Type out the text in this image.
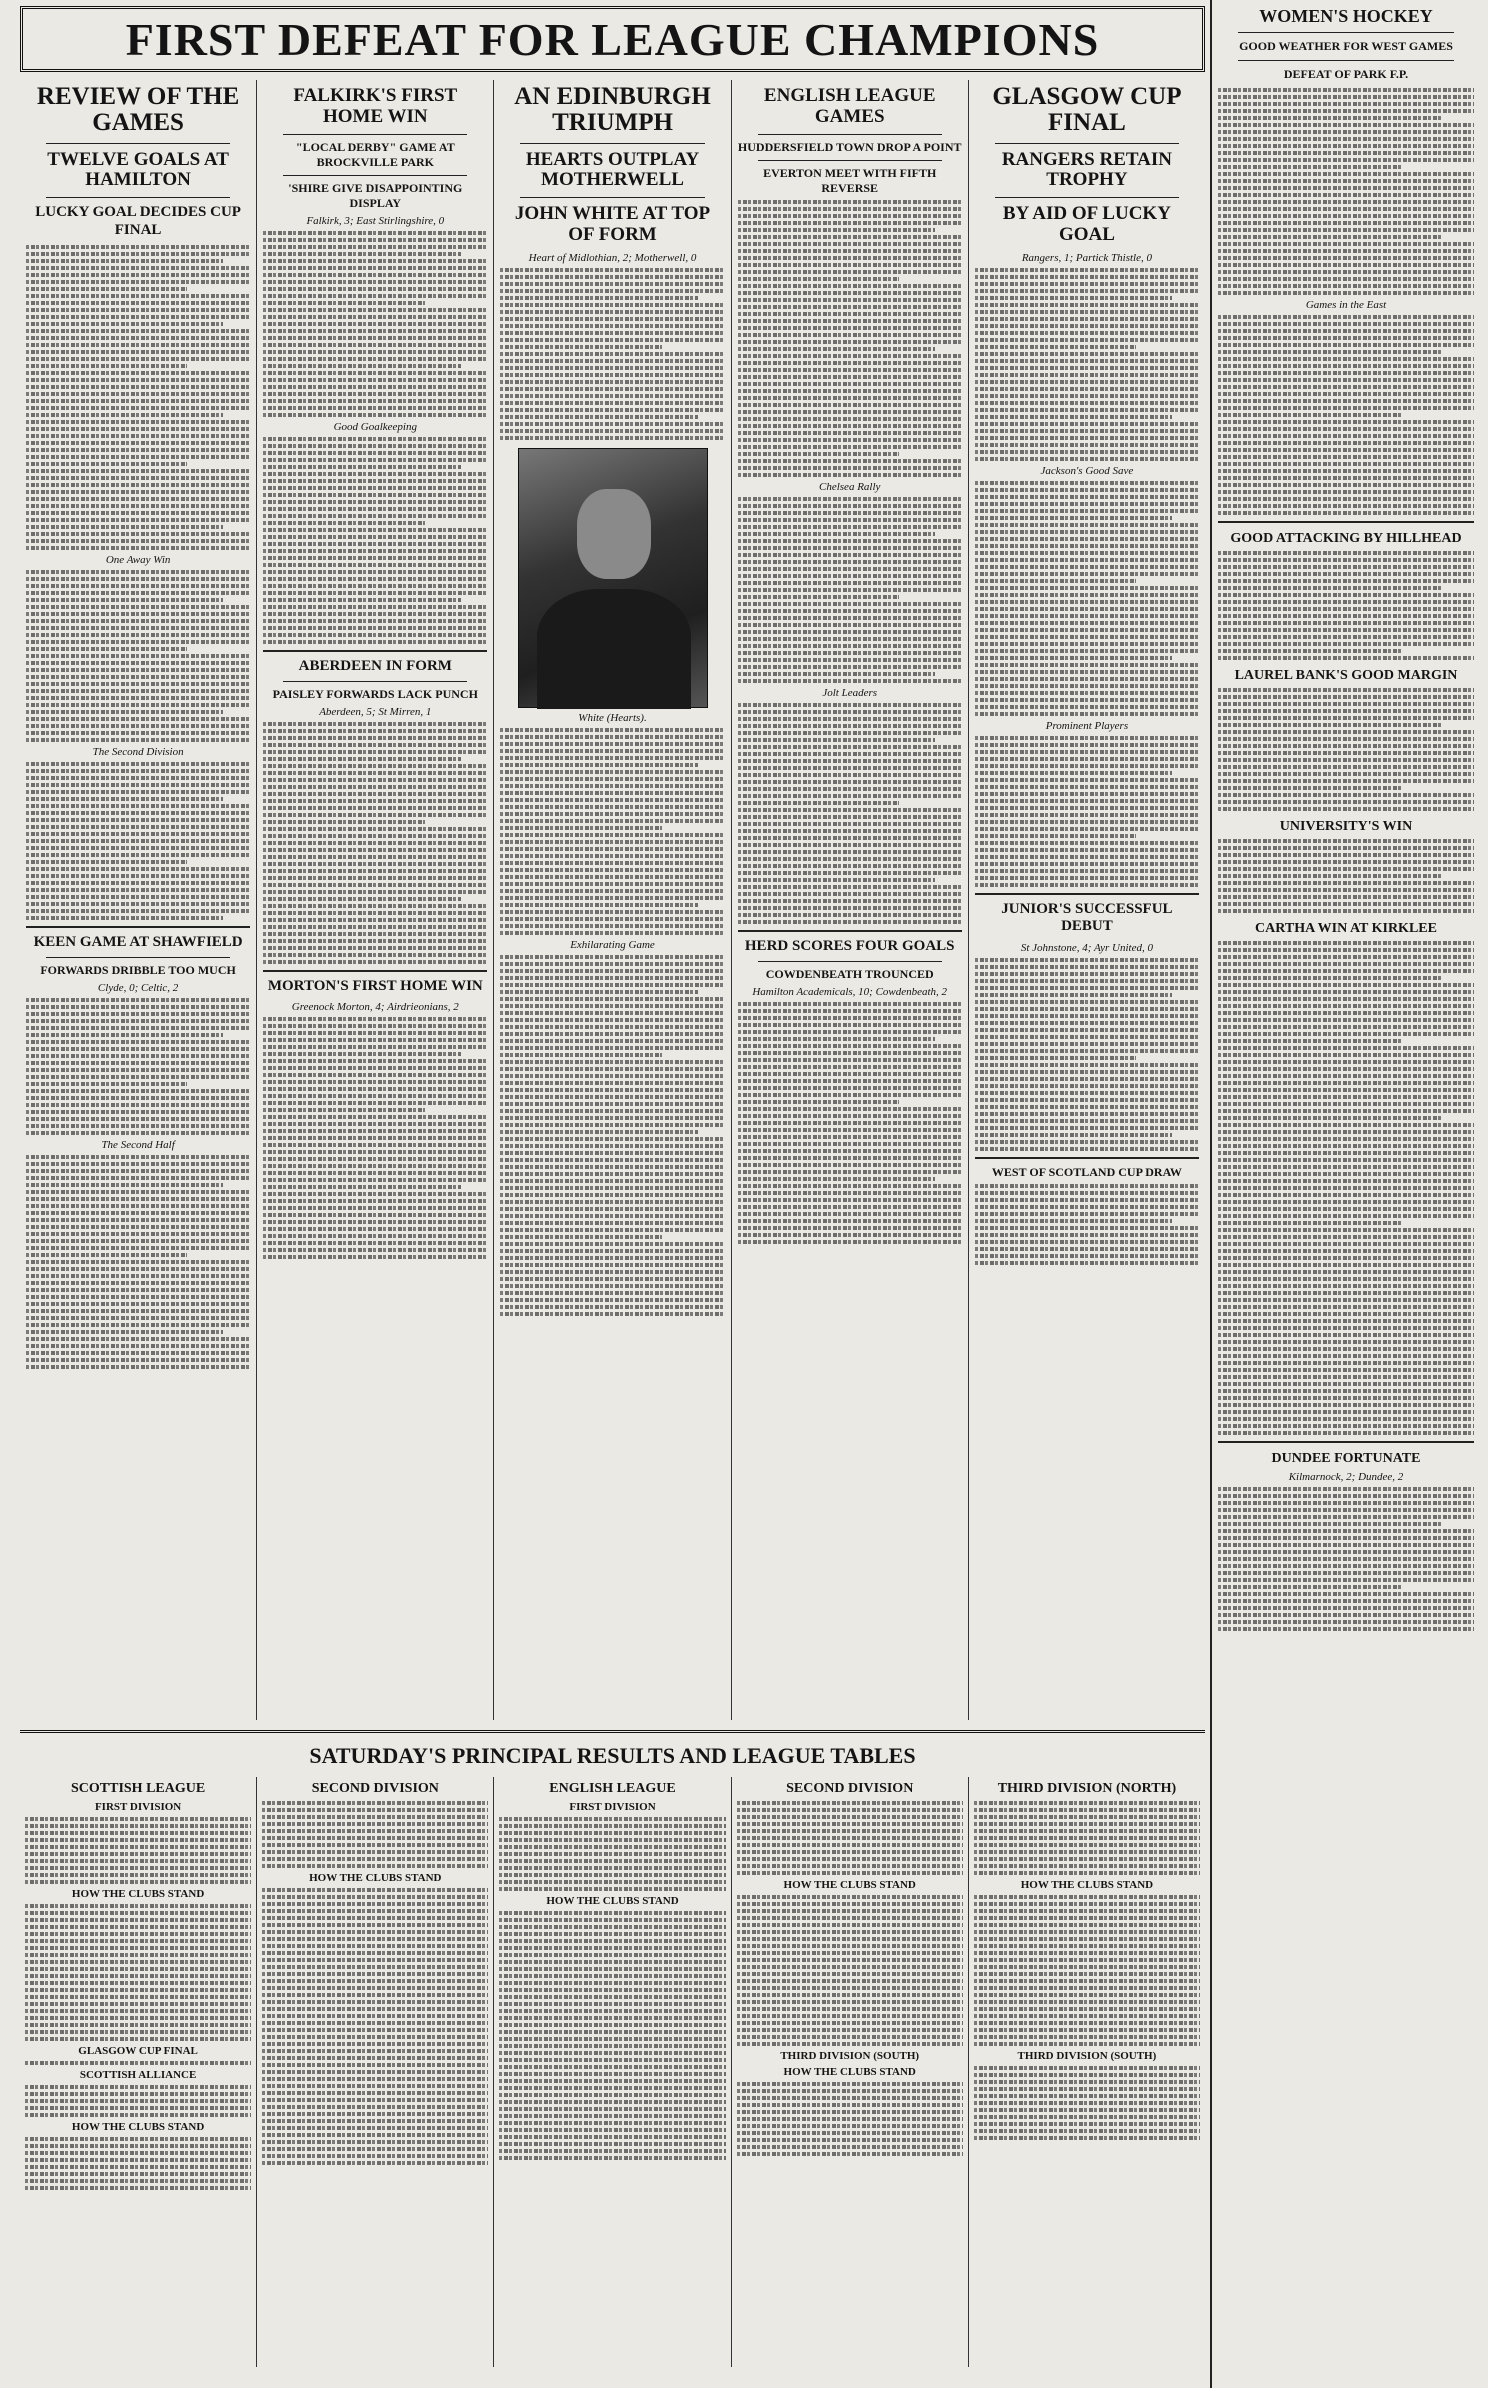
FIRST DEFEAT FOR LEAGUE CHAMPIONS
REVIEW OF THE GAMES
TWELVE GOALS AT HAMILTON
LUCKY GOAL DECIDES CUP FINAL
One Away Win
The Second Division
KEEN GAME AT SHAWFIELD
FORWARDS DRIBBLE TOO MUCH
Clyde, 0; Celtic, 2
The Second Half
FALKIRK'S FIRST HOME WIN
"LOCAL DERBY" GAME AT BROCKVILLE PARK
'SHIRE GIVE DISAPPOINTING DISPLAY
Falkirk, 3; East Stirlingshire, 0
Good Goalkeeping
ABERDEEN IN FORM
PAISLEY FORWARDS LACK PUNCH
Aberdeen, 5; St Mirren, 1
MORTON'S FIRST HOME WIN
Greenock Morton, 4; Airdrieonians, 2
AN EDINBURGH TRIUMPH
HEARTS OUTPLAY MOTHERWELL
JOHN WHITE AT TOP OF FORM
Heart of Midlothian, 2; Motherwell, 0
White (Hearts).
Exhilarating Game
ENGLISH LEAGUE GAMES
HUDDERSFIELD TOWN DROP A POINT
EVERTON MEET WITH FIFTH REVERSE
Chelsea Rally
Jolt Leaders
HERD SCORES FOUR GOALS
COWDENBEATH TROUNCED
Hamilton Academicals, 10; Cowdenbeath, 2
GLASGOW CUP FINAL
RANGERS RETAIN TROPHY
BY AID OF LUCKY GOAL
Rangers, 1; Partick Thistle, 0
Jackson's Good Save
Prominent Players
JUNIOR'S SUCCESSFUL DEBUT
St Johnstone, 4; Ayr United, 0
WEST OF SCOTLAND CUP DRAW
SATURDAY'S PRINCIPAL RESULTS AND LEAGUE TABLES
SCOTTISH LEAGUE
FIRST DIVISION
HOW THE CLUBS STAND
GLASGOW CUP FINAL
SCOTTISH ALLIANCE
HOW THE CLUBS STAND
SECOND DIVISION
HOW THE CLUBS STAND
ENGLISH LEAGUE
FIRST DIVISION
HOW THE CLUBS STAND
SECOND DIVISION
HOW THE CLUBS STAND
THIRD DIVISION (SOUTH)
HOW THE CLUBS STAND
THIRD DIVISION (NORTH)
HOW THE CLUBS STAND
THIRD DIVISION (SOUTH)
WOMEN'S HOCKEY
GOOD WEATHER FOR WEST GAMES
DEFEAT OF PARK F.P.
Games in the East
GOOD ATTACKING BY HILLHEAD
LAUREL BANK'S GOOD MARGIN
UNIVERSITY'S WIN
CARTHA WIN AT KIRKLEE
DUNDEE FORTUNATE
Kilmarnock, 2; Dundee, 2
